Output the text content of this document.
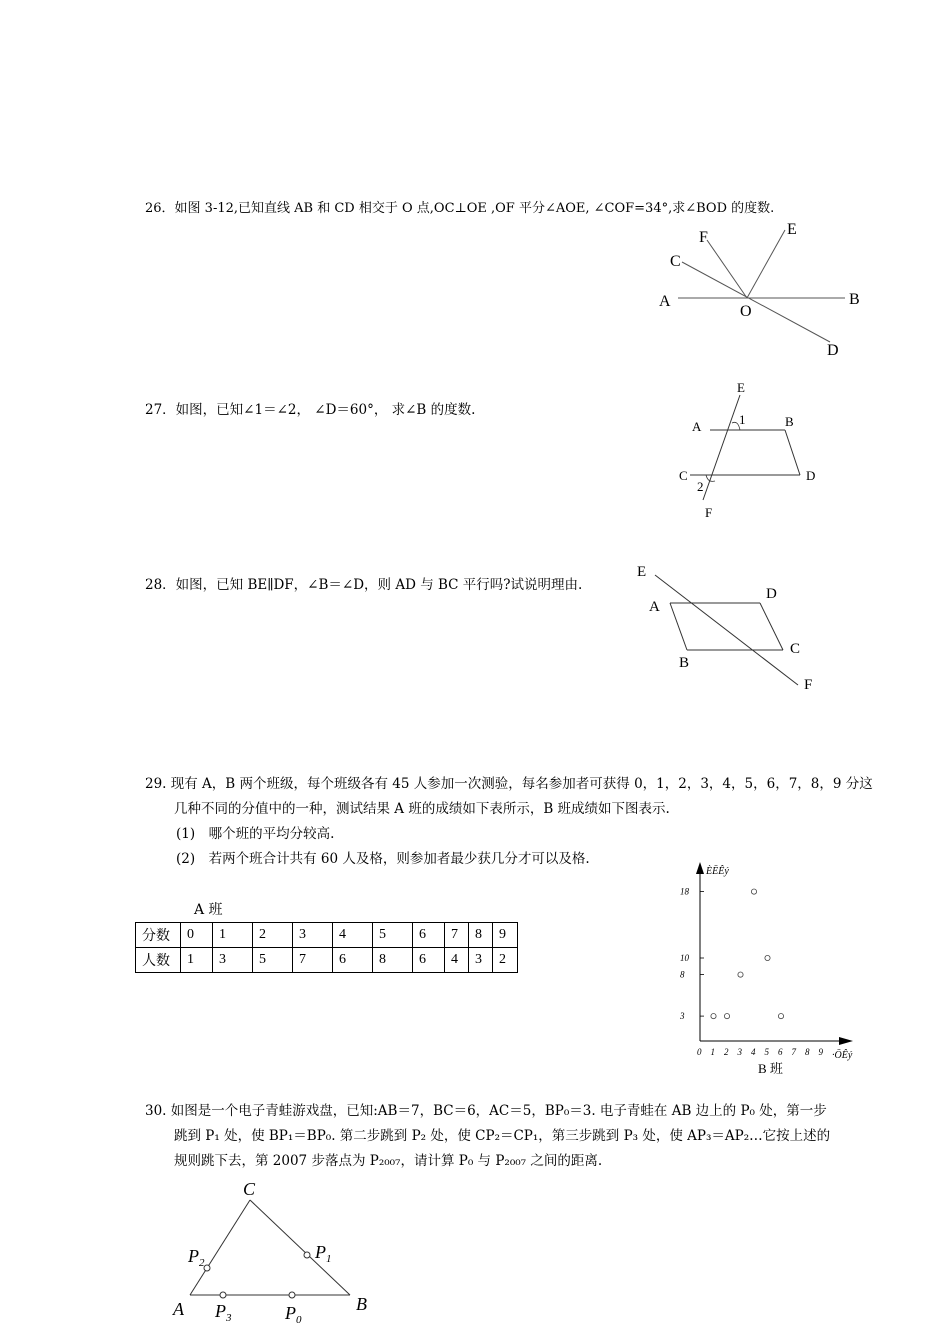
26．如图 3-12,已知直线 AB 和 CD 相交于 O 点,OC⊥OE ,OF 平分∠AOE, ∠COF=34°,求∠BOD 的度数.
F	E
C
A
O
B
D
27．如图，已知∠1＝∠2， ∠D＝60°， 求∠B 的度数.
E
A	1	B
C
2
D
F
28．如图，已知 BE∥DF，∠B＝∠D，则 AD 与 BC 平行吗?试说明理由.
E
A
D
C
B
F
29. 现有 A，B 两个班级，每个班级各有 45 人参加一次测验，每名参加者可获得 0，1，2，3，4，5，6，7，8，9 分这
几种不同的分值中的一种，测试结果 A 班的成绩如下表所示，B 班成绩如下图表示.
(1)　哪个班的平均分较高.
(2)　若两个班合计共有 60 人及格，则参加者最少获几分才可以及格.
A 班
分数	0	1	2	3	4	5	6	7	8	9
人数	1	3	5	7	6	8	6	4	3	2
ÈËÊý
·ÖÊý
B 班
0 1 2 3 4 5 6 7 8 9
3
8
10
18
30. 如图是一个电子青蛙游戏盘，已知:AB＝7，BC＝6，AC＝5，BP₀＝3. 电子青蛙在 AB 边上的 P₀ 处，第一步
跳到 P₁ 处，使 BP₁＝BP₀. 第二步跳到 P₂ 处，使 CP₂＝CP₁，第三步跳到 P₃ 处，使 AP₃＝AP₂…它按上述的
规则跳下去，第 2007 步落点为 P₂₀₀₇，请计算 P₀ 与 P₂₀₀₇ 之间的距离.
C
A	B
$P_1$
$P_2$
$P_3$	$P_0$
